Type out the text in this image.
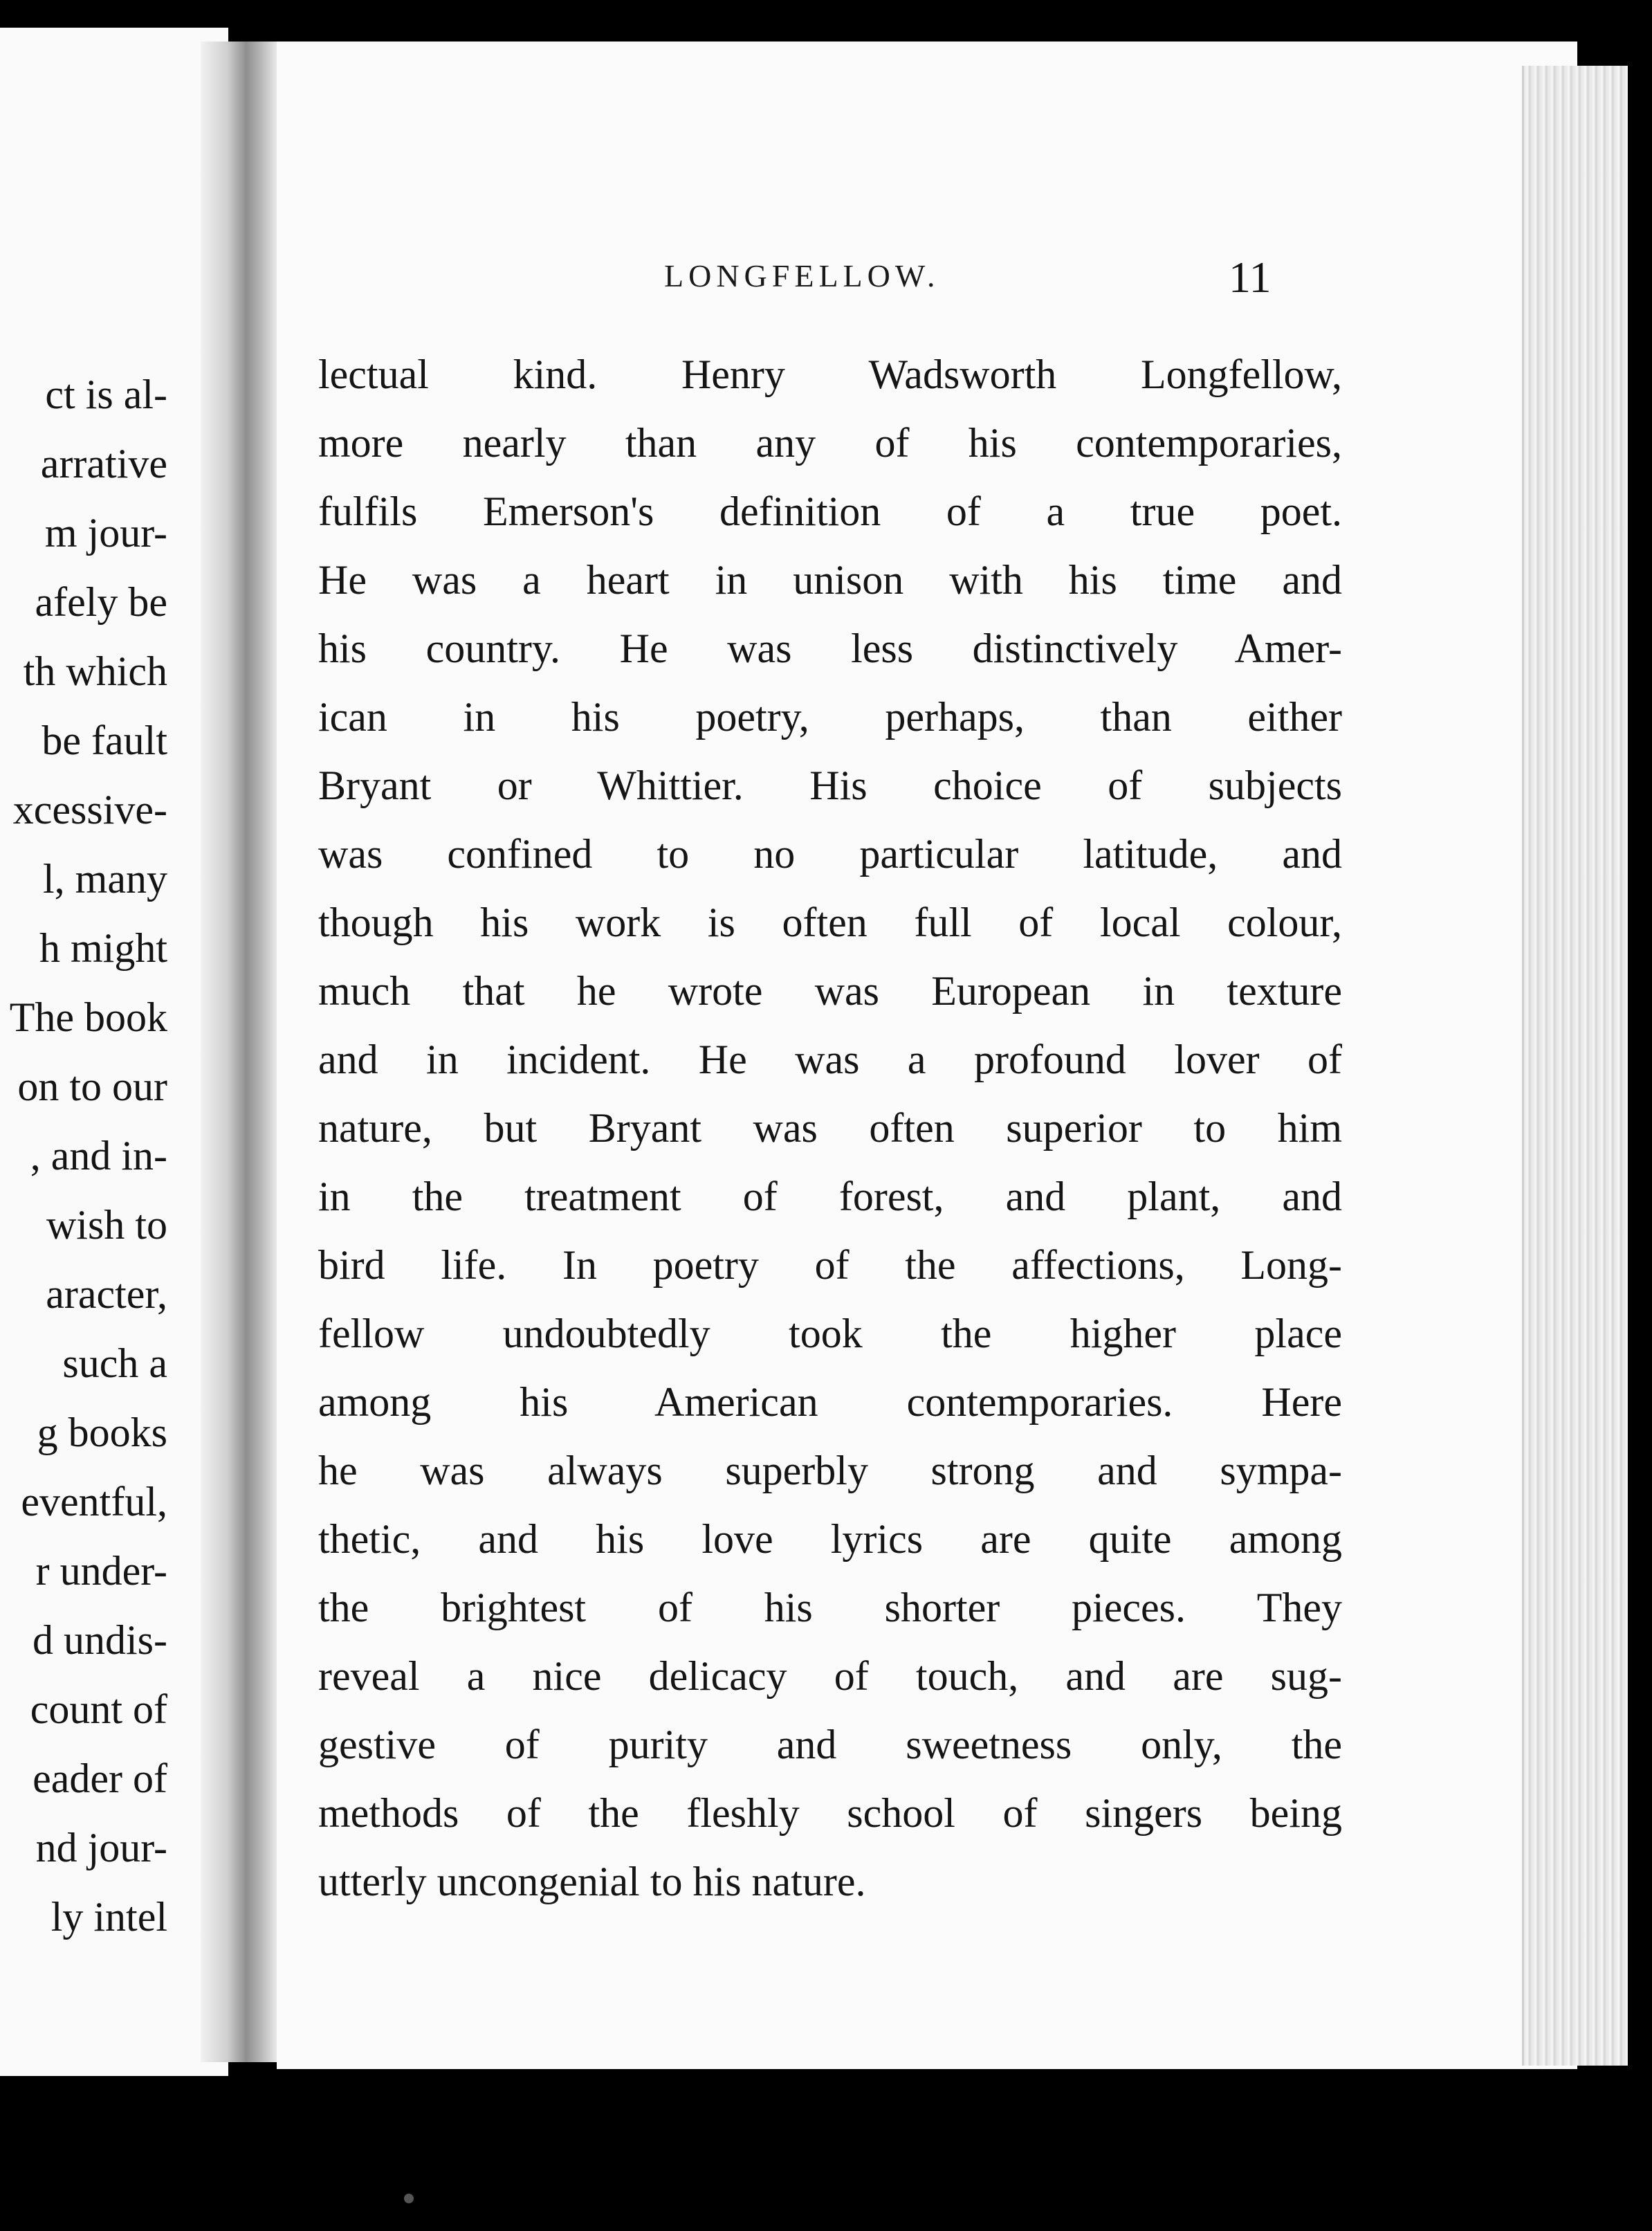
ct is al-
arrative
m jour-
afely be
th which
be fault
xcessive-
l, many
h might
The book
on to our
, and in-
wish to
aracter,
such a
g books
eventful,
r under-
d undis-
count of
eader of
nd jour-
ly intel
LONGFELLOW.	11
lectual kind. Henry Wadsworth Longfellow,
more nearly than any of his contemporaries,
fulfils Emerson's definition of a true poet.
He was a heart in unison with his time and
his country. He was less distinctively Amer-
ican in his poetry, perhaps, than either
Bryant or Whittier. His choice of subjects
was confined to no particular latitude, and
though his work is often full of local colour,
much that he wrote was European in texture
and in incident. He was a profound lover of
nature, but Bryant was often superior to him
in the treatment of forest, and plant, and
bird life. In poetry of the affections, Long-
fellow undoubtedly took the higher place
among his American contemporaries. Here
he was always superbly strong and sympa-
thetic, and his love lyrics are quite among
the brightest of his shorter pieces. They
reveal a nice delicacy of touch, and are sug-
gestive of purity and sweetness only, the
methods of the fleshly school of singers being
utterly uncongenial to his nature.
